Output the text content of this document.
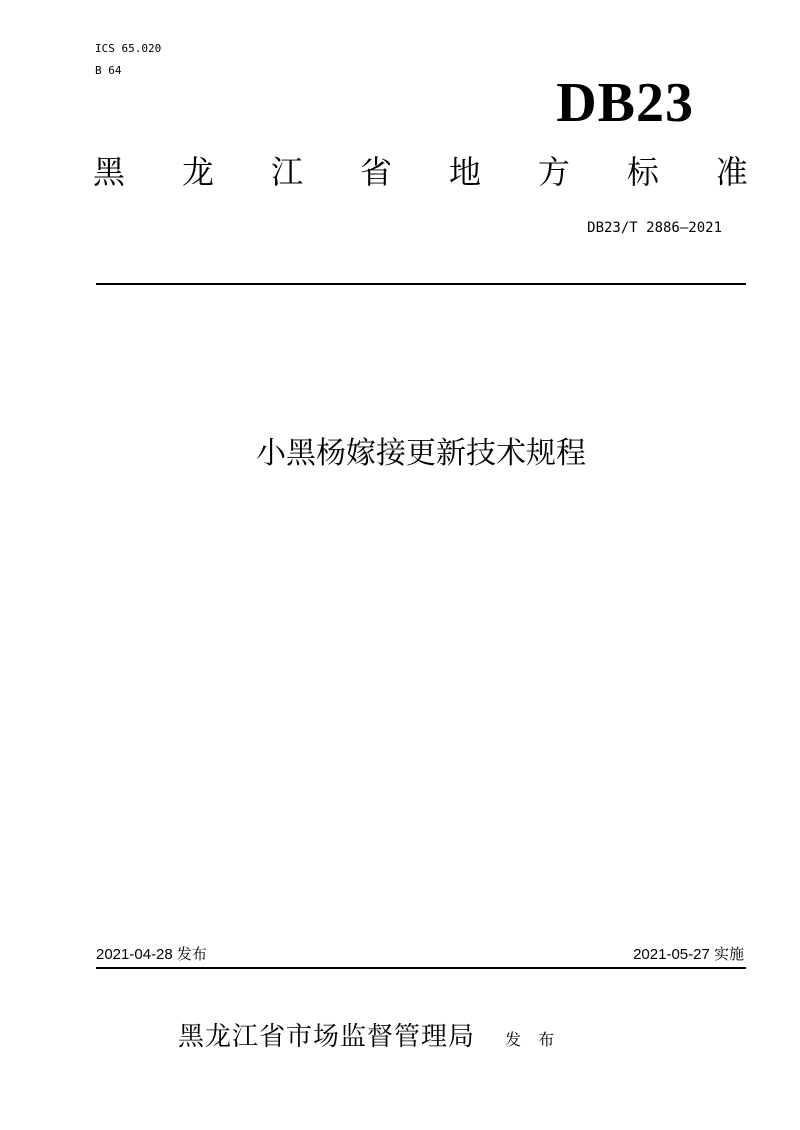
ICS 65.020
B 64
DB23
黑 龙 江 省 地 方 标 准
DB23/T 2886—2021
小黑杨嫁接更新技术规程
2021-04-28 发布	2021-05-27 实施
黑龙江省市场监督管理局 发 布
